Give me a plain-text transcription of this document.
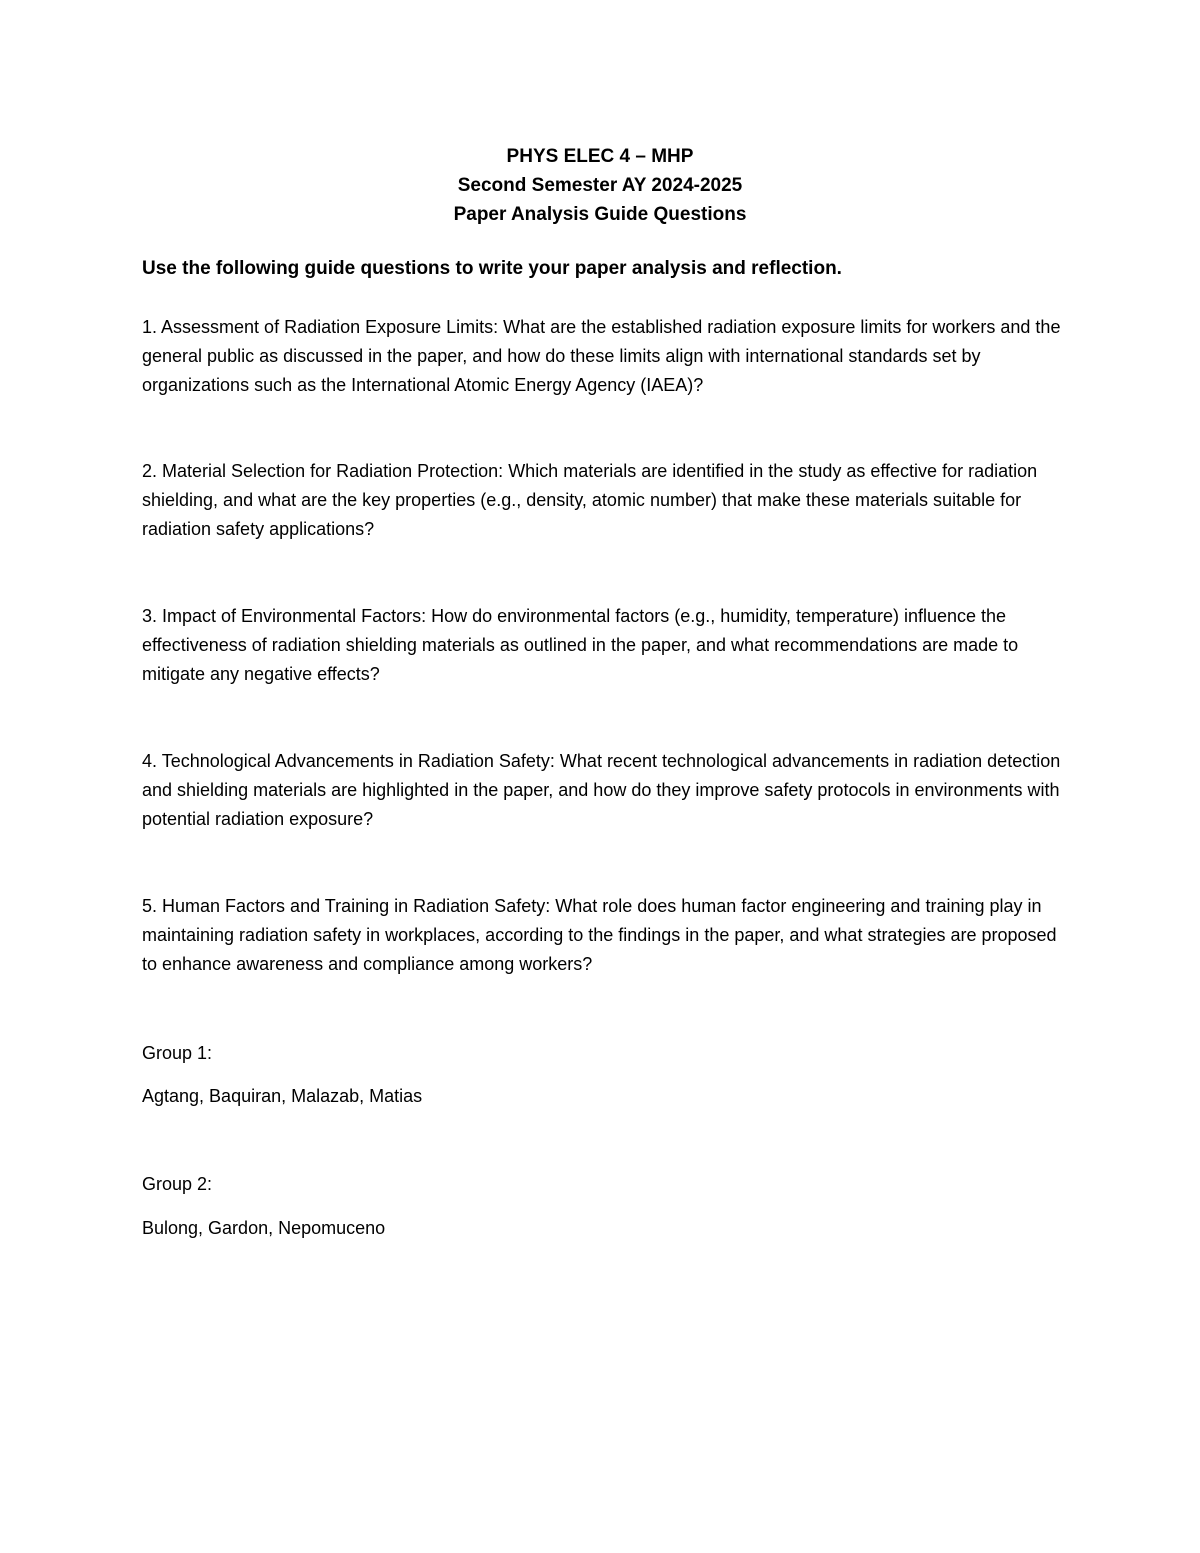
PHYS ELEC 4 – MHP
Second Semester AY 2024-2025
Paper Analysis Guide Questions
Use the following guide questions to write your paper analysis and reflection.
1. Assessment of Radiation Exposure Limits: What are the established radiation exposure limits for workers and the general public as discussed in the paper, and how do these limits align with international standards set by organizations such as the International Atomic Energy Agency (IAEA)?
2. Material Selection for Radiation Protection: Which materials are identified in the study as effective for radiation shielding, and what are the key properties (e.g., density, atomic number) that make these materials suitable for radiation safety applications?
3. Impact of Environmental Factors: How do environmental factors (e.g., humidity, temperature) influence the effectiveness of radiation shielding materials as outlined in the paper, and what recommendations are made to mitigate any negative effects?
4. Technological Advancements in Radiation Safety: What recent technological advancements in radiation detection and shielding materials are highlighted in the paper, and how do they improve safety protocols in environments with potential radiation exposure?
5. Human Factors and Training in Radiation Safety: What role does human factor engineering and training play in maintaining radiation safety in workplaces, according to the findings in the paper, and what strategies are proposed to enhance awareness and compliance among workers?
Group 1:
Agtang, Baquiran, Malazab, Matias
Group 2:
Bulong, Gardon, Nepomuceno
